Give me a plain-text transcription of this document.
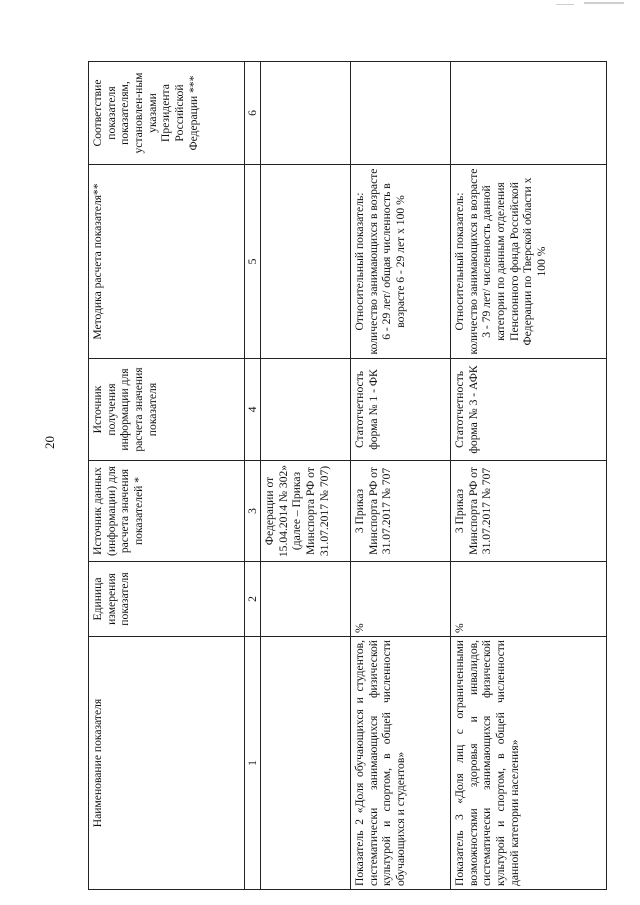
20
Наименование показателя	Единица измерения показателя	Источник данных (информации) для расчета значения показателей *	Источник получения информации для расчета значения показателя	Методика расчета показателя**	Соответствие показателя показателям, установлен-ным указами Президента Российской Федерации ***
1	2	3	4	5	6
		Федерации от 15.04.2014 № 302» (далее – Приказ Минспорта РФ от 31.07.2017 № 707)			
Показатель 2 «Доля обучающихся и студентов, систематически занимающихся физической культурой и спортом, в общей численности обучающихся и студентов»	%	3 Приказ Минспорта РФ от 31.07.2017 № 707	Статотчетность форма № 1 - ФК	Относительный показатель: количество занимающихся в возрасте 6 - 29 лет/ общая численность в возрасте 6 - 29 лет х 100 %	
Показатель 3 «Доля лиц с ограниченными возможностями здоровья и инвалидов, систематически занимающихся физической культурой и спортом, в общей численности данной категории населения»	%	3 Приказ Минспорта РФ от 31.07.2017 № 707	Статотчетность форма № 3 - АФК	Относительный показатель: количество занимающихся в возрасте 3 - 79 лет/ численность данной категории по данным отделения Пенсионного фонда Российской Федерации по Тверской области х 100 %	
